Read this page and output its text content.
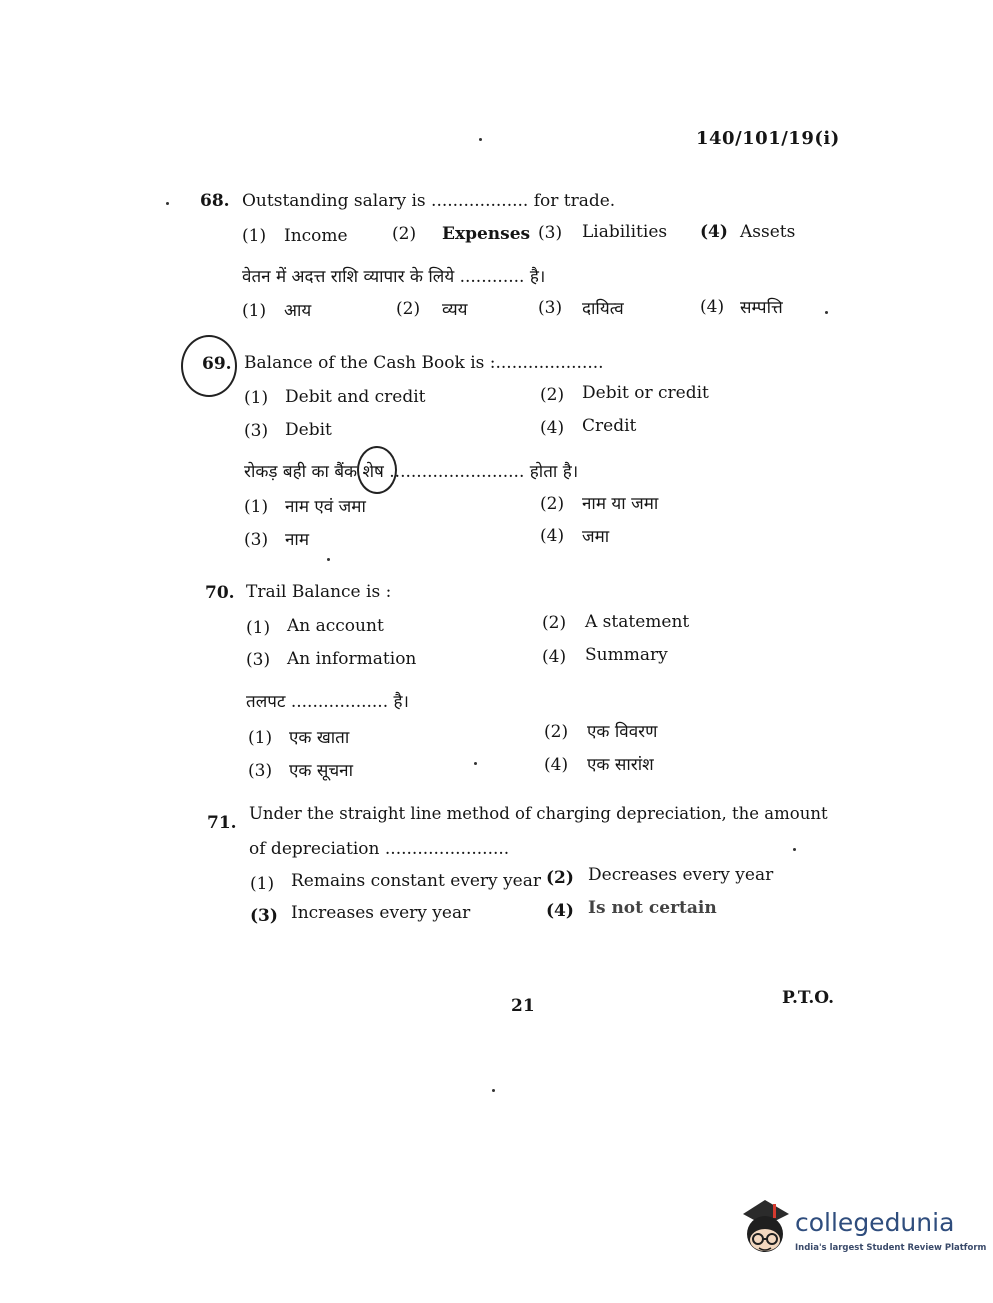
140/101/19(i)
68. Outstanding salary is .................. for trade.
(1) Income	(2) Expenses (3) Liabilities (4) Assets
वेतन में अदत्त राशि व्यापार के लिये ............ है।
(1) आय	(2) व्यय	(3) दायित्व	(4) सम्पत्ति
69. Balance of the Cash Book is :....................
(1) Debit and credit	(2) Debit or credit
(3) Debit	(4) Credit
रोकड़ बही का बैंक शेष ......................... होता है।
(1) नाम एवं जमा	(2) नाम या जमा
(3) नाम	(4) जमा
70. Trail Balance is :
(1) An account	(2) A statement
(3) An information	(4) Summary
तलपट .................. है।
(1) एक खाता	(2) एक विवरण
(3) एक सूचना	(4) एक सारांश
71. Under the straight line method of charging depreciation, the amount
of depreciation .......................
(1) Remains constant every year (2) Decreases every year
(3) Increases every year	(4) Is not certain
21	P.T.O.
collegedunia
India's largest Student Review Platform
